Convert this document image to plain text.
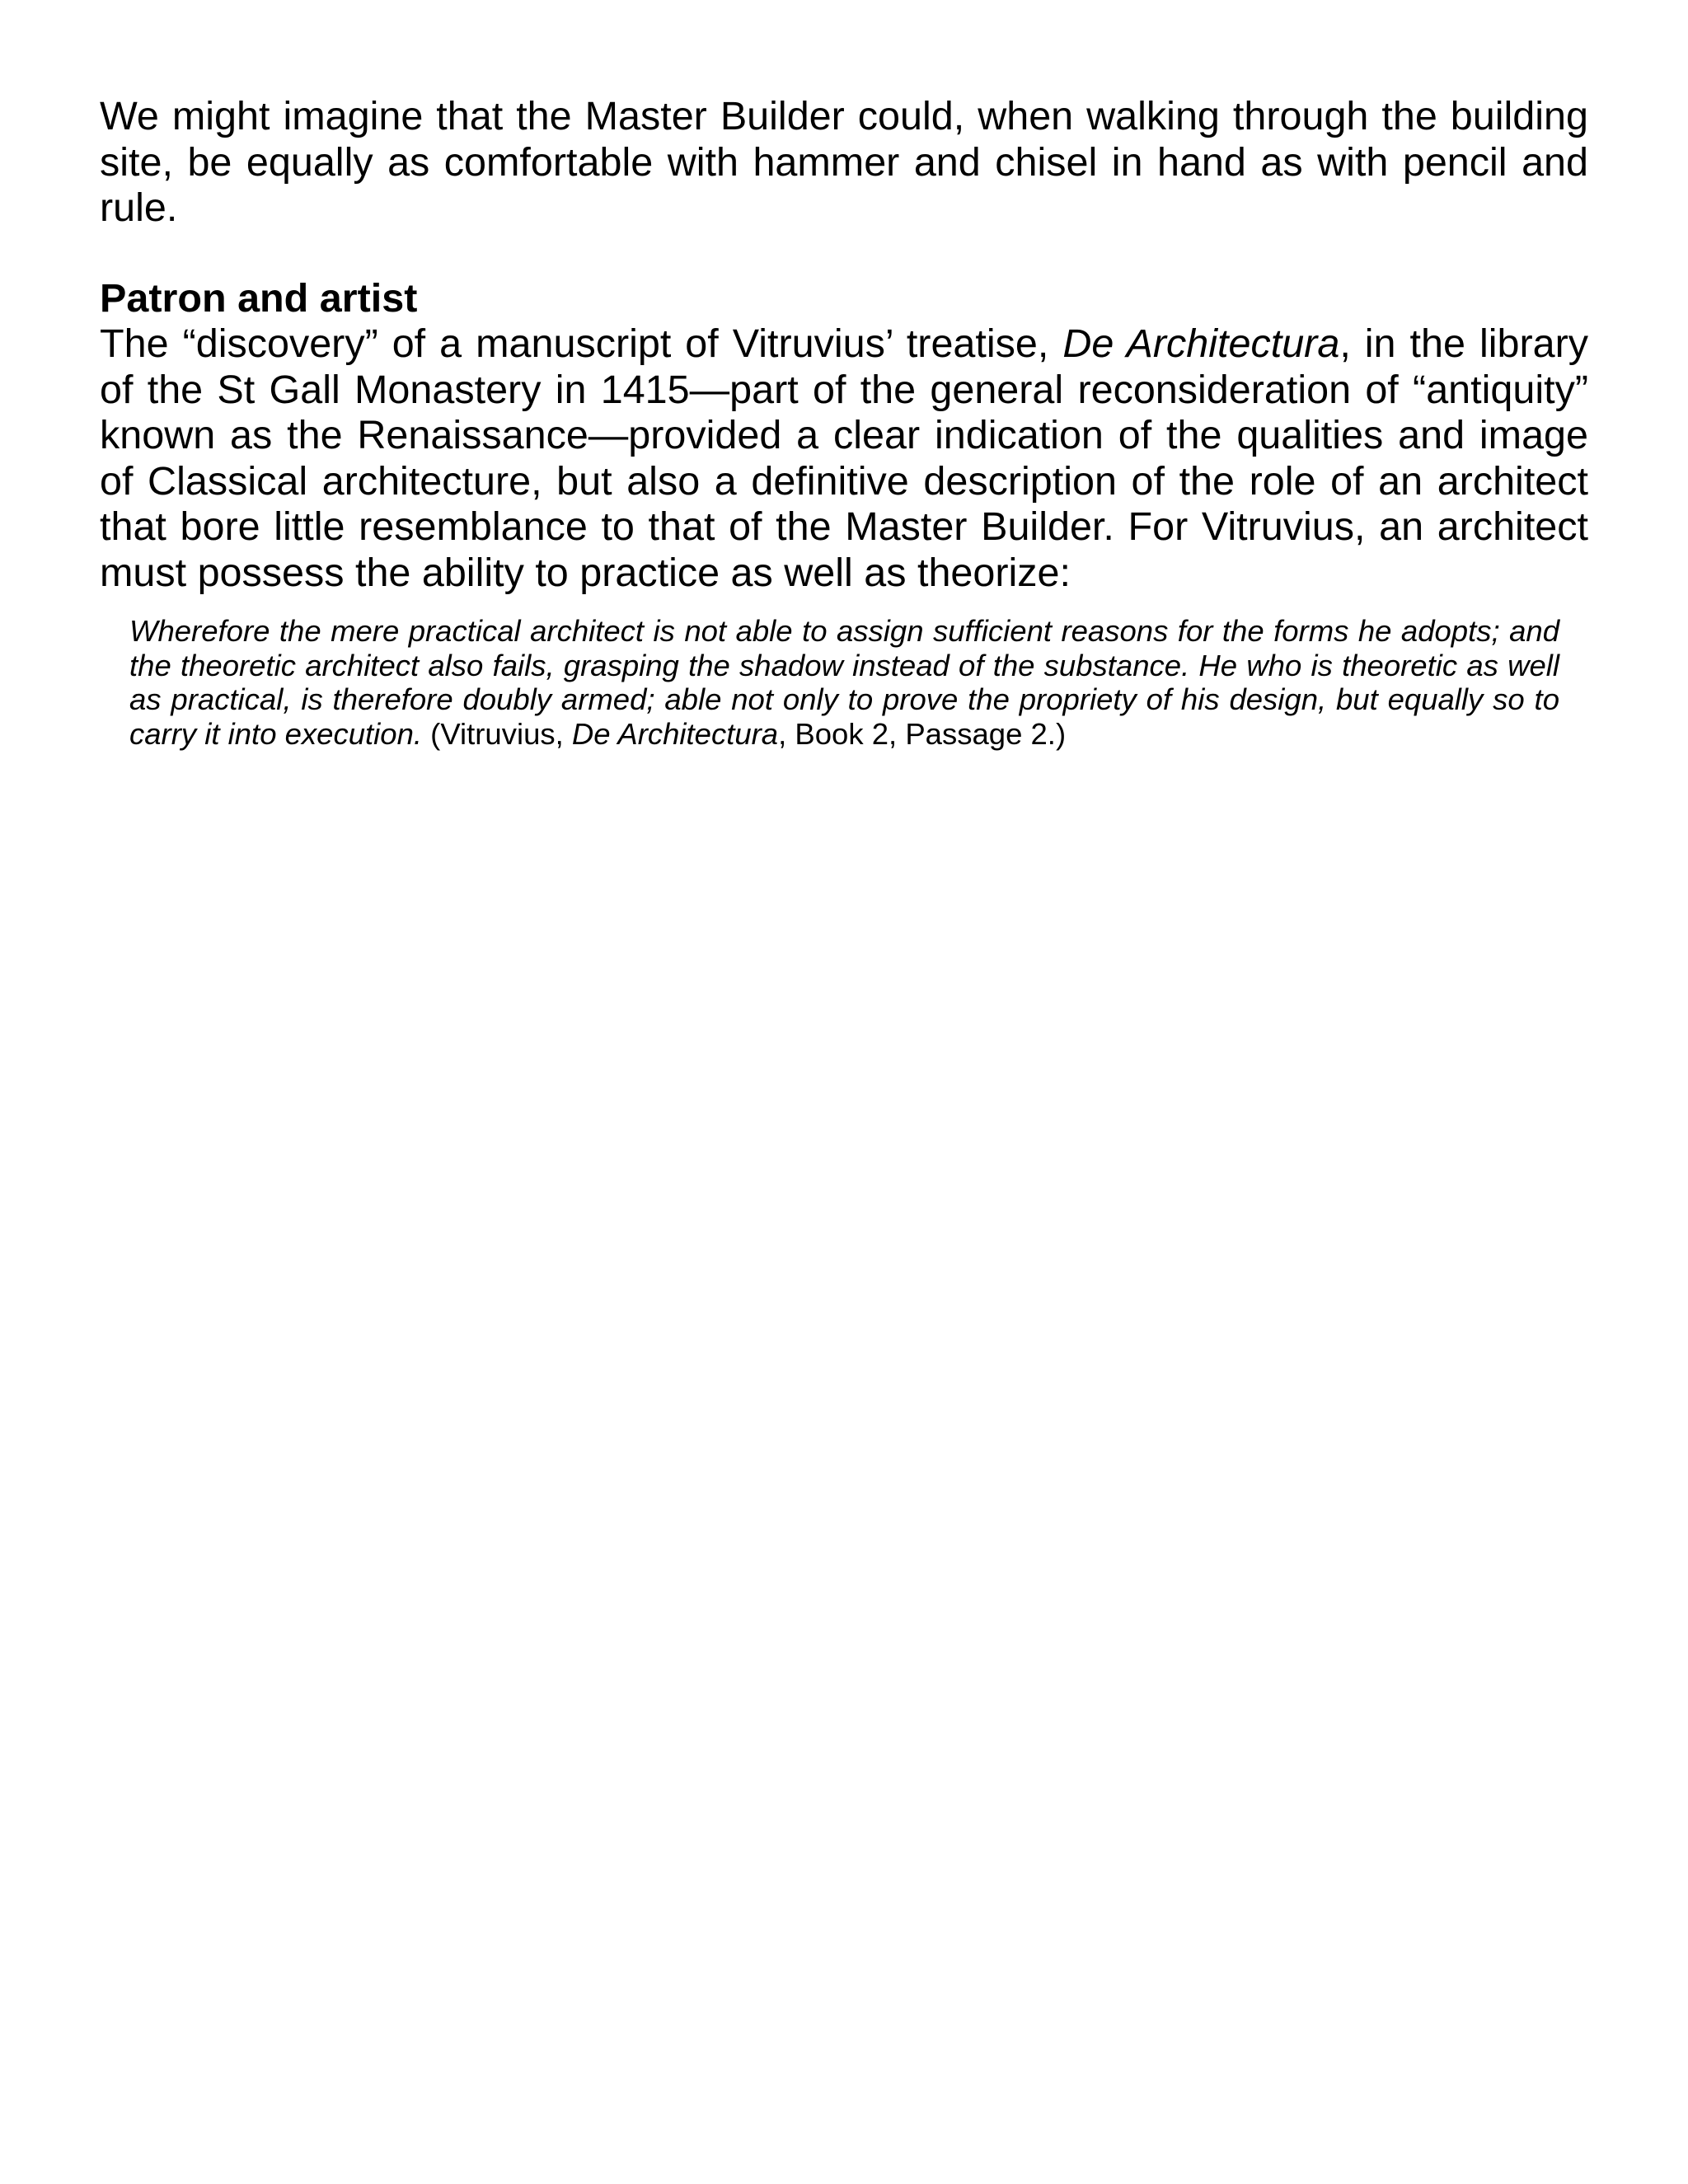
We might imagine that the Master Builder could, when walking through the building site, be equally as comfortable with hammer and chisel in hand as with pencil and rule.

Patron and artist

The “discovery” of a manuscript of Vitruvius’ treatise, De Architectura, in the library of the St Gall Monastery in 1415—part of the general reconsideration of “antiquity” known as the Renaissance—provided a clear indication of the qualities and image of Classical architecture, but also a definitive description of the role of an architect that bore little resemblance to that of the Master Builder. For Vitruvius, an architect must possess the ability to practice as well as theorize:

Wherefore the mere practical architect is not able to assign sufficient reasons for the forms he adopts; and the theoretic architect also fails, grasping the shadow instead of the substance. He who is theoretic as well as practical, is therefore doubly armed; able not only to prove the propriety of his design, but equally so to carry it into execution. (Vitruvius, De Architectura, Book 2, Passage 2.)
